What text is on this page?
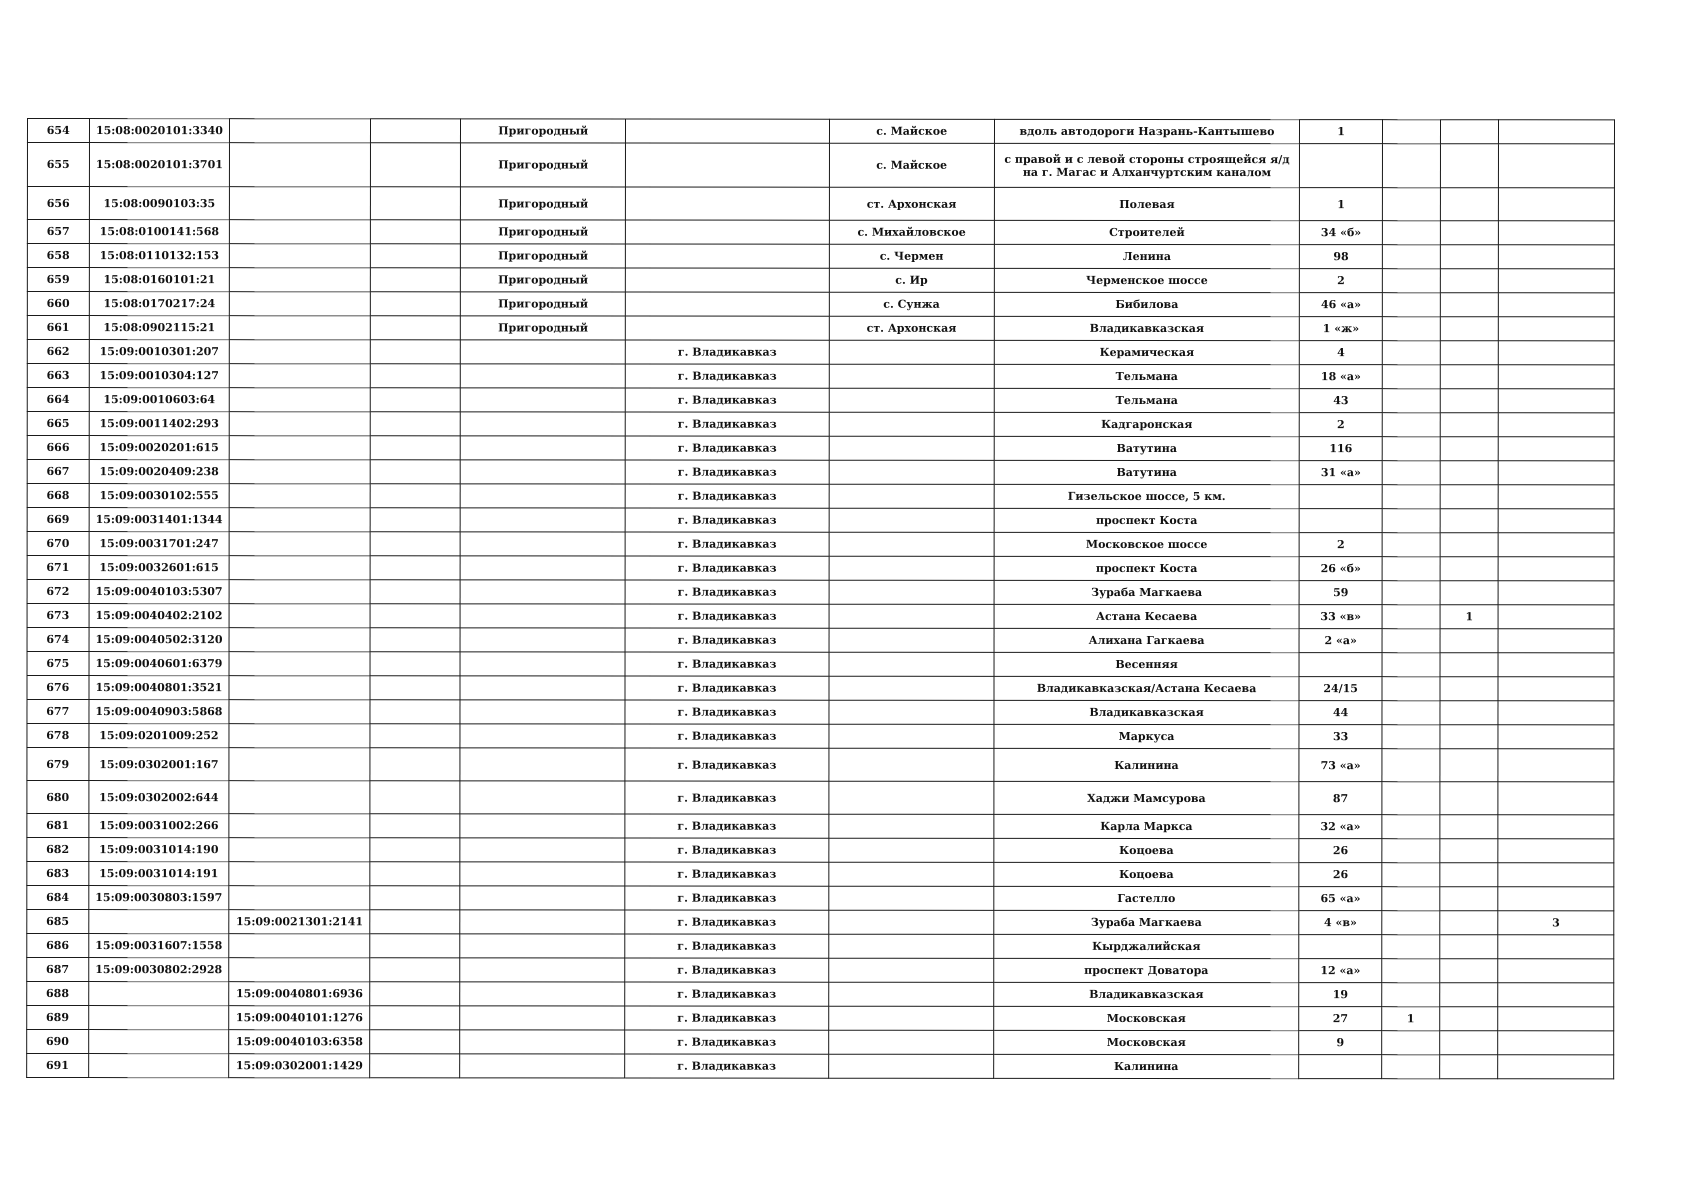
654	15:08:0020101:3340			Пригородный		с. Майское	вдоль автодороги Назрань-Кантышево	1			
655	15:08:0020101:3701			Пригородный		с. Майское	с правой и с левой стороны строящейся я/д на г. Магас и Алханчуртским каналом				
656	15:08:0090103:35			Пригородный		ст. Архонская	Полевая	1			
657	15:08:0100141:568			Пригородный		с. Михайловское	Строителей	34 «б»			
658	15:08:0110132:153			Пригородный		с. Чермен	Ленина	98			
659	15:08:0160101:21			Пригородный		с. Ир	Черменское шоссе	2			
660	15:08:0170217:24			Пригородный		с. Сунжа	Бибилова	46 «а»			
661	15:08:0902115:21			Пригородный		ст. Архонская	Владикавказская	1 «ж»			
662	15:09:0010301:207				г. Владикавказ		Керамическая	4			
663	15:09:0010304:127				г. Владикавказ		Тельмана	18 «а»			
664	15:09:0010603:64				г. Владикавказ		Тельмана	43			
665	15:09:0011402:293				г. Владикавказ		Кадгаронская	2			
666	15:09:0020201:615				г. Владикавказ		Ватутина	116			
667	15:09:0020409:238				г. Владикавказ		Ватутина	31 «а»			
668	15:09:0030102:555				г. Владикавказ		Гизельское шоссе, 5 км.				
669	15:09:0031401:1344				г. Владикавказ		проспект Коста				
670	15:09:0031701:247				г. Владикавказ		Московское шоссе	2			
671	15:09:0032601:615				г. Владикавказ		проспект Коста	26 «б»			
672	15:09:0040103:5307				г. Владикавказ		Зураба Магкаева	59			
673	15:09:0040402:2102				г. Владикавказ		Астана Кесаева	33 «в»		1	
674	15:09:0040502:3120				г. Владикавказ		Алихана Гагкаева	2 «а»			
675	15:09:0040601:6379				г. Владикавказ		Весенняя				
676	15:09:0040801:3521				г. Владикавказ		Владикавказская/Астана Кесаева	24/15			
677	15:09:0040903:5868				г. Владикавказ		Владикавказская	44			
678	15:09:0201009:252				г. Владикавказ		Маркуса	33			
679	15:09:0302001:167				г. Владикавказ		Калинина	73 «а»			
680	15:09:0302002:644				г. Владикавказ		Хаджи Мамсурова	87			
681	15:09:0031002:266				г. Владикавказ		Карла Маркса	32 «а»			
682	15:09:0031014:190				г. Владикавказ		Коцоева	26			
683	15:09:0031014:191				г. Владикавказ		Коцоева	26			
684	15:09:0030803:1597				г. Владикавказ		Гастелло	65 «а»			
685		15:09:0021301:2141			г. Владикавказ		Зураба Магкаева	4 «в»			3
686	15:09:0031607:1558				г. Владикавказ		Кырджалийская				
687	15:09:0030802:2928				г. Владикавказ		проспект Доватора	12 «а»			
688		15:09:0040801:6936			г. Владикавказ		Владикавказская	19			
689		15:09:0040101:1276			г. Владикавказ		Московская	27	1		
690		15:09:0040103:6358			г. Владикавказ		Московская	9			
691		15:09:0302001:1429			г. Владикавказ		Калинина				
